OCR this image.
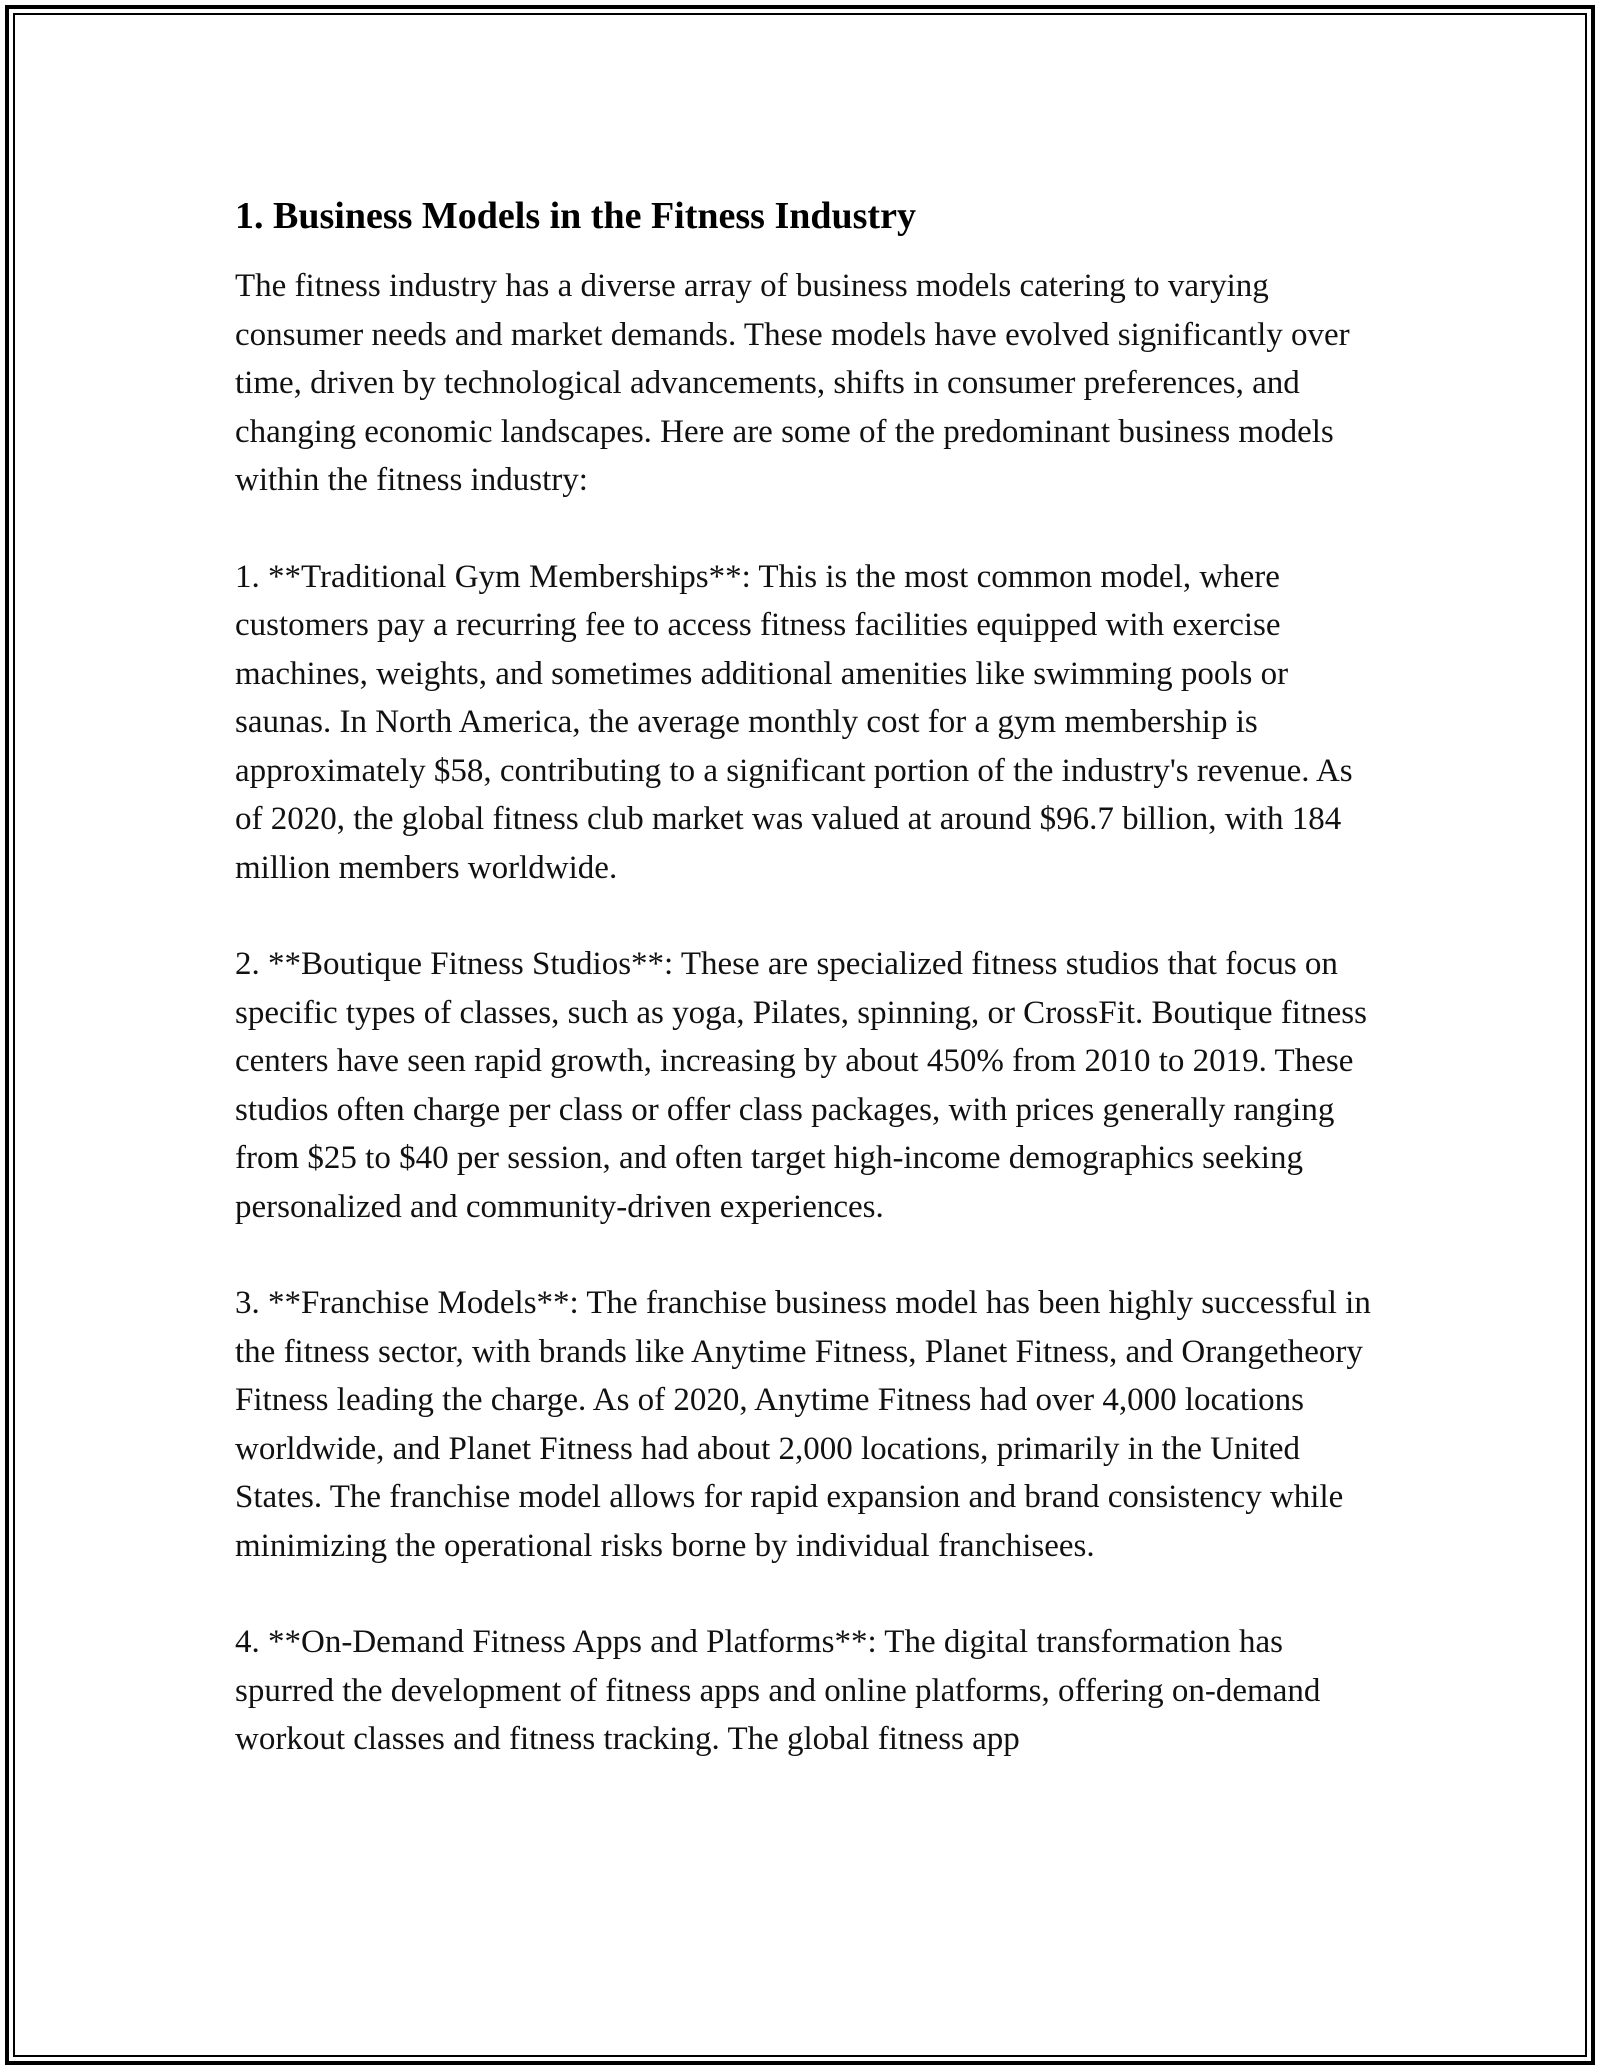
1. Business Models in the Fitness Industry

The fitness industry has a diverse array of business models catering to varying consumer needs and market demands. These models have evolved significantly over time, driven by technological advancements, shifts in consumer preferences, and changing economic landscapes. Here are some of the predominant business models within the fitness industry:

1. **Traditional Gym Memberships**: This is the most common model, where customers pay a recurring fee to access fitness facilities equipped with exercise machines, weights, and sometimes additional amenities like swimming pools or saunas. In North America, the average monthly cost for a gym membership is approximately $58, contributing to a significant portion of the industry's revenue. As of 2020, the global fitness club market was valued at around $96.7 billion, with 184 million members worldwide.

2. **Boutique Fitness Studios**: These are specialized fitness studios that focus on specific types of classes, such as yoga, Pilates, spinning, or CrossFit. Boutique fitness centers have seen rapid growth, increasing by about 450% from 2010 to 2019. These studios often charge per class or offer class packages, with prices generally ranging from $25 to $40 per session, and often target high-income demographics seeking personalized and community-driven experiences.

3. **Franchise Models**: The franchise business model has been highly successful in the fitness sector, with brands like Anytime Fitness, Planet Fitness, and Orangetheory Fitness leading the charge. As of 2020, Anytime Fitness had over 4,000 locations worldwide, and Planet Fitness had about 2,000 locations, primarily in the United States. The franchise model allows for rapid expansion and brand consistency while minimizing the operational risks borne by individual franchisees.

4. **On-Demand Fitness Apps and Platforms**: The digital transformation has spurred the development of fitness apps and online platforms, offering on-demand workout classes and fitness tracking. The global fitness app
